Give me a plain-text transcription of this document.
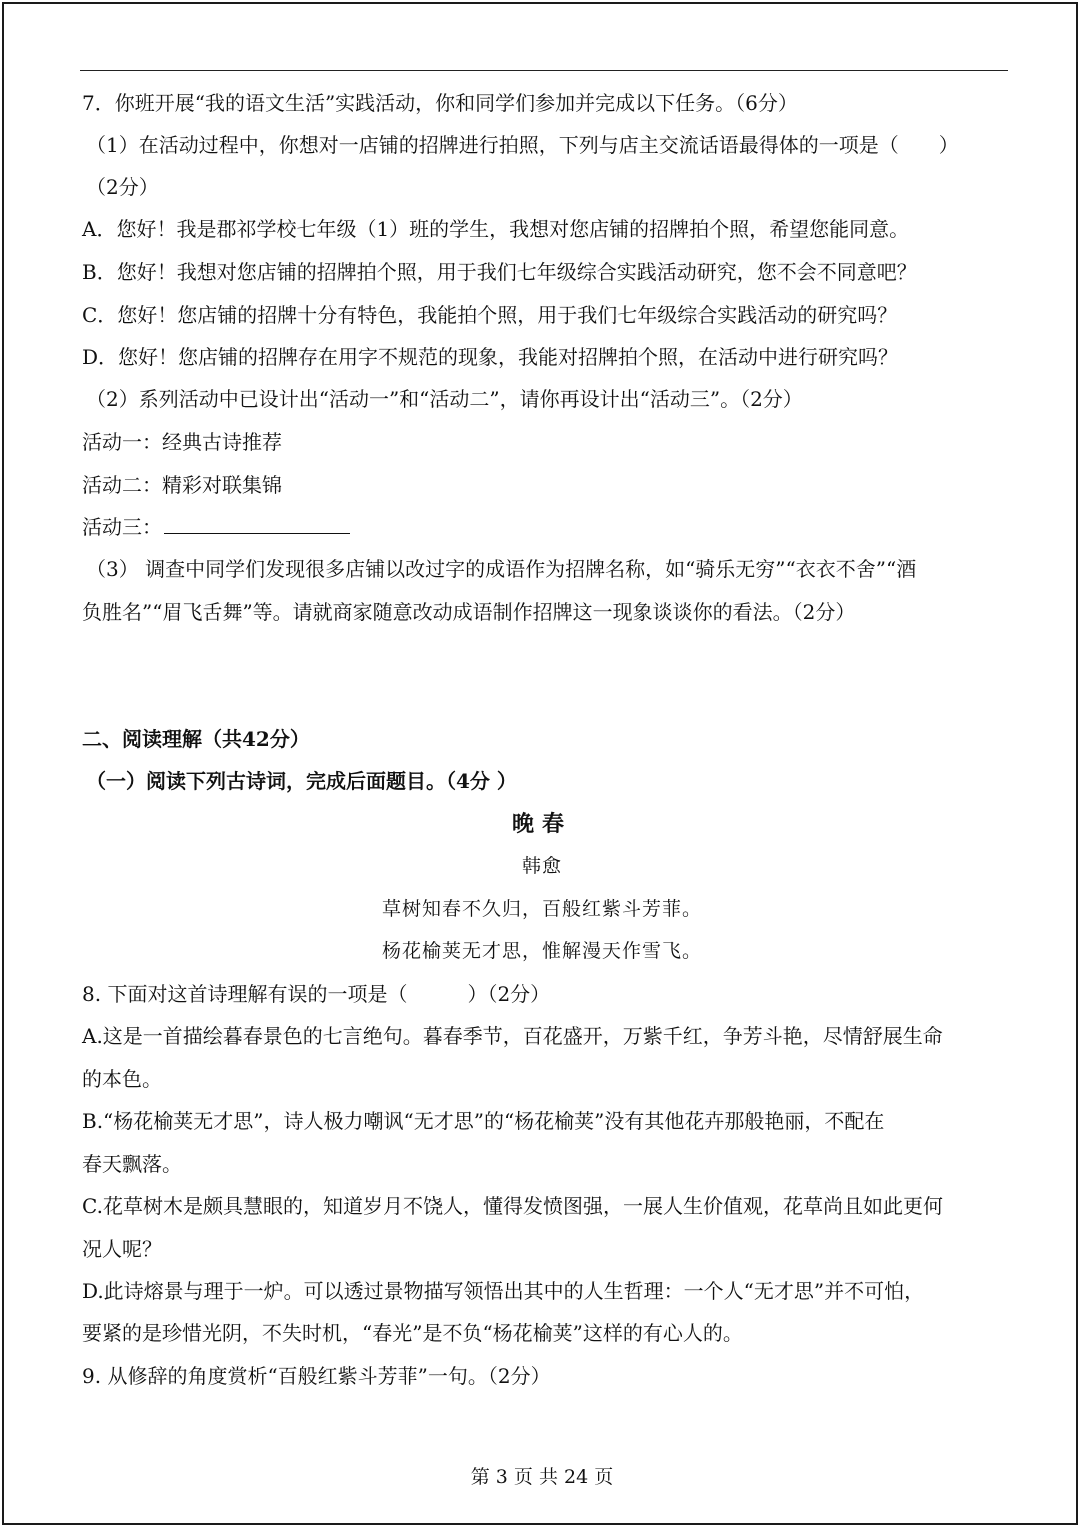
7．你班开展“我的语文生活”实践活动，你和同学们参加并完成以下任务。（6分）
（1）在活动过程中，你想对一店铺的招牌进行拍照，下列与店主交流话语最得体的一项是（　　）
（2分）
A．您好！我是郡祁学校七年级（1）班的学生，我想对您店铺的招牌拍个照，希望您能同意。
B．您好！我想对您店铺的招牌拍个照，用于我们七年级综合实践活动研究，您不会不同意吧？
C．您好！您店铺的招牌十分有特色，我能拍个照，用于我们七年级综合实践活动的研究吗？
D．您好！您店铺的招牌存在用字不规范的现象，我能对招牌拍个照，在活动中进行研究吗？
（2）系列活动中已设计出“活动一”和“活动二”，请你再设计出“活动三”。（2分）
活动一：经典古诗推荐
活动二：精彩对联集锦
活动三：
（3） 调查中同学们发现很多店铺以改过字的成语作为招牌名称，如“骑乐无穷”“衣衣不舍”“酒
负胜名”“眉飞舌舞”等。请就商家随意改动成语制作招牌这一现象谈谈你的看法。（2分）
二、阅读理解（共42分）
（一）阅读下列古诗词，完成后面题目。（4分 ）
晚春
韩愈
草树知春不久归，百般红紫斗芳菲。
杨花榆荚无才思，惟解漫天作雪飞。
8. 下面对这首诗理解有误的一项是（　　　）（2分）
A.这是一首描绘暮春景色的七言绝句。暮春季节，百花盛开，万紫千红，争芳斗艳，尽情舒展生命
的本色。
B.“杨花榆荚无才思”，诗人极力嘲讽“无才思”的“杨花榆荚”没有其他花卉那般艳丽，不配在
春天飘落。
C.花草树木是颇具慧眼的，知道岁月不饶人，懂得发愤图强，一展人生价值观，花草尚且如此更何
况人呢？
D.此诗熔景与理于一炉。可以透过景物描写领悟出其中的人生哲理：一个人“无才思”并不可怕，
要紧的是珍惜光阴，不失时机，“春光”是不负“杨花榆荚”这样的有心人的。
9. 从修辞的角度赏析“百般红紫斗芳菲”一句。（2分）
第 3 页 共 24 页
